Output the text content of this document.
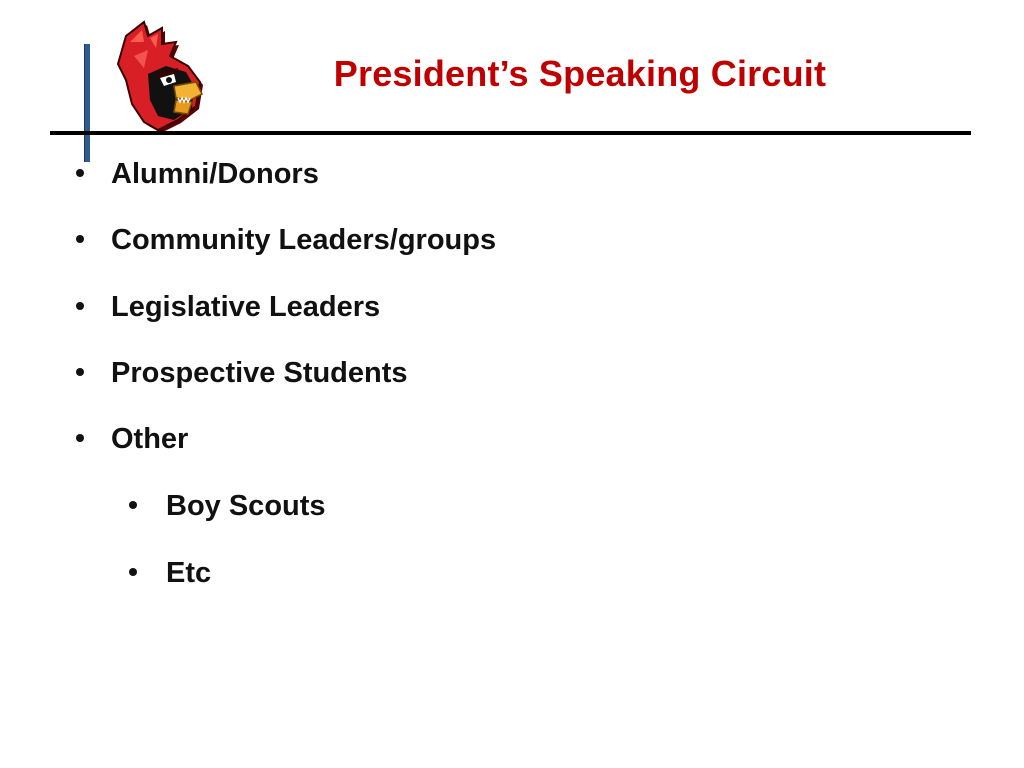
President’s Speaking Circuit
Alumni/Donors
Community Leaders/groups
Legislative Leaders
Prospective Students
Other
Boy Scouts
Etc
